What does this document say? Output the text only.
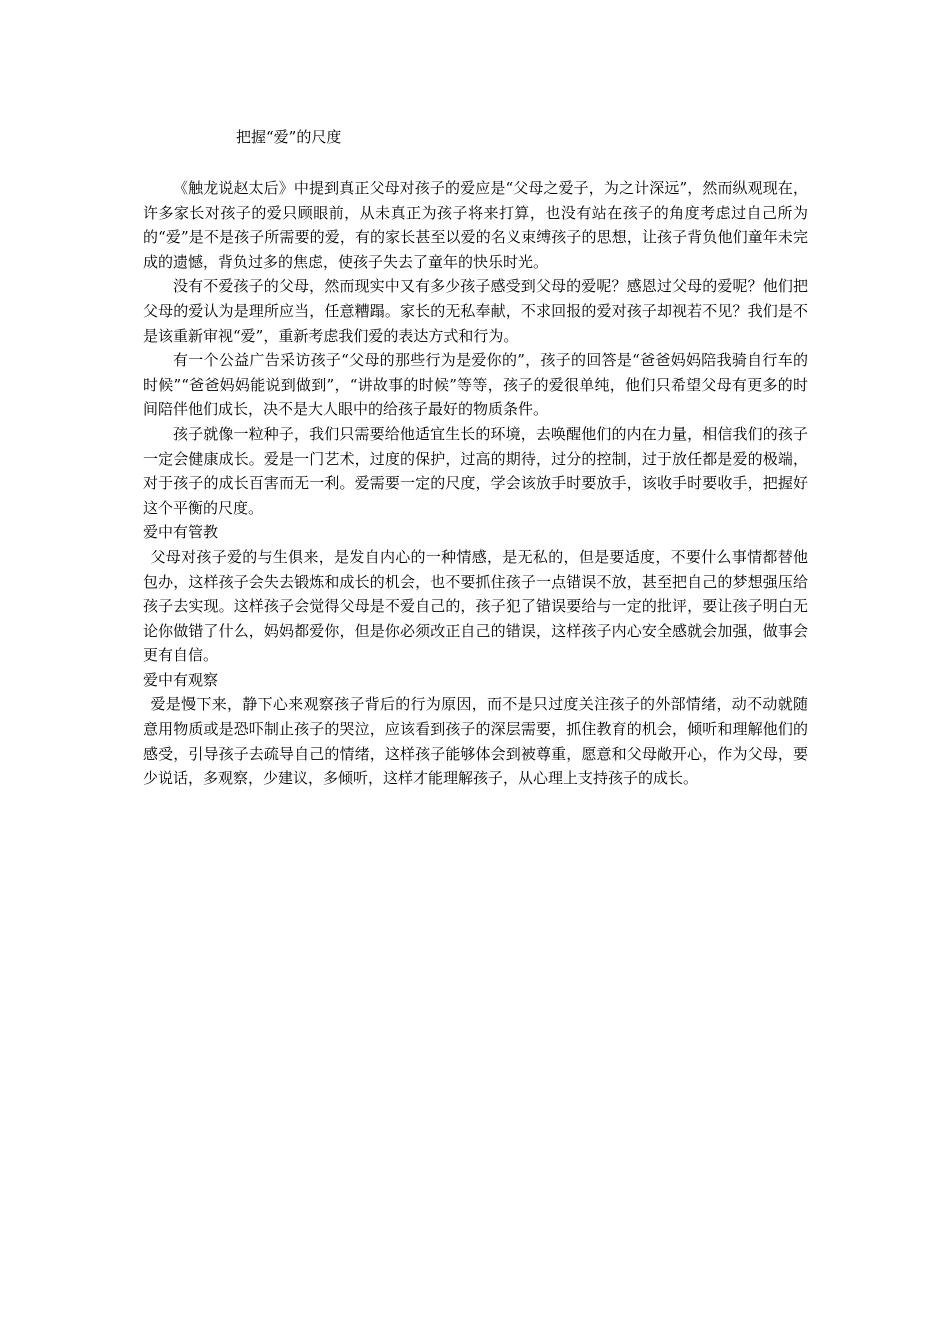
把握“爱”的尺度

《触龙说赵太后》中提到真正父母对孩子的爱应是“父母之爱子，为之计深远”，然而纵观现在，许多家长对孩子的爱只顾眼前，从未真正为孩子将来打算，也没有站在孩子的角度考虑过自己所为的“爱”是不是孩子所需要的爱，有的家长甚至以爱的名义束缚孩子的思想，让孩子背负他们童年未完成的遗憾，背负过多的焦虑，使孩子失去了童年的快乐时光。

没有不爱孩子的父母，然而现实中又有多少孩子感受到父母的爱呢？感恩过父母的爱呢？他们把父母的爱认为是理所应当，任意糟蹋。家长的无私奉献，不求回报的爱对孩子却视若不见？我们是不是该重新审视“爱”，重新考虑我们爱的表达方式和行为。

有一个公益广告采访孩子“父母的那些行为是爱你的”，孩子的回答是“爸爸妈妈陪我骑自行车的时候”“爸爸妈妈能说到做到”，“讲故事的时候”等等，孩子的爱很单纯，他们只希望父母有更多的时间陪伴他们成长，决不是大人眼中的给孩子最好的物质条件。

孩子就像一粒种子，我们只需要给他适宜生长的环境，去唤醒他们的内在力量，相信我们的孩子一定会健康成长。爱是一门艺术，过度的保护，过高的期待，过分的控制，过于放任都是爱的极端，对于孩子的成长百害而无一利。爱需要一定的尺度，学会该放手时要放手，该收手时要收手，把握好这个平衡的尺度。

爱中有管教

父母对孩子爱的与生俱来，是发自内心的一种情感，是无私的，但是要适度，不要什么事情都替他包办，这样孩子会失去锻炼和成长的机会，也不要抓住孩子一点错误不放，甚至把自己的梦想强压给孩子去实现。这样孩子会觉得父母是不爱自己的，孩子犯了错误要给与一定的批评，要让孩子明白无论你做错了什么，妈妈都爱你，但是你必须改正自己的错误，这样孩子内心安全感就会加强，做事会更有自信。

爱中有观察

爱是慢下来，静下心来观察孩子背后的行为原因，而不是只过度关注孩子的外部情绪，动不动就随意用物质或是恐吓制止孩子的哭泣，应该看到孩子的深层需要，抓住教育的机会，倾听和理解他们的感受，引导孩子去疏导自己的情绪，这样孩子能够体会到被尊重，愿意和父母敞开心，作为父母，要少说话，多观察，少建议，多倾听，这样才能理解孩子，从心理上支持孩子的成长。
